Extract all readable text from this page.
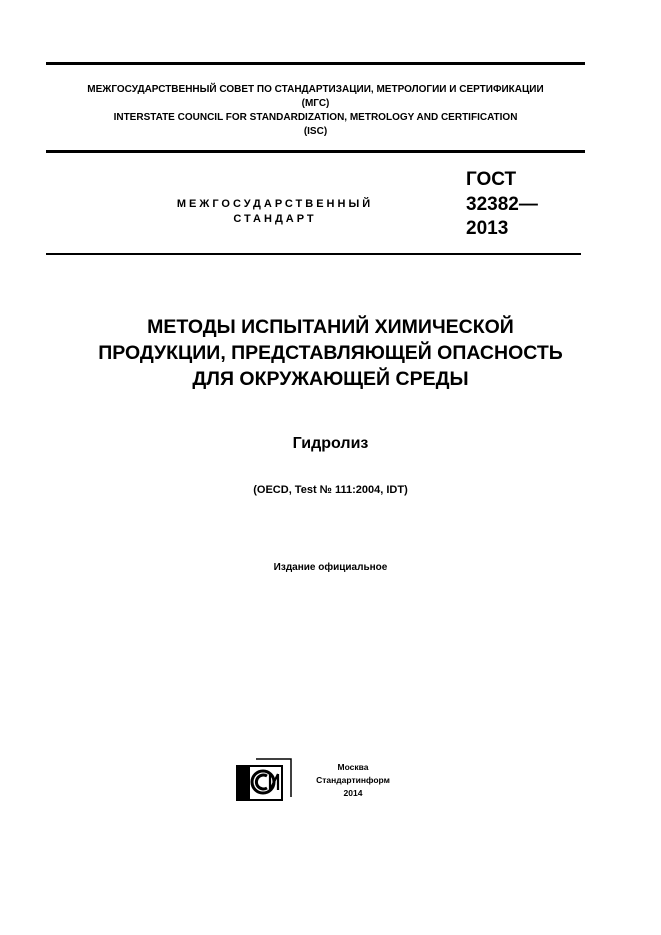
МЕЖГОСУДАРСТВЕННЫЙ СОВЕТ ПО СТАНДАРТИЗАЦИИ, МЕТРОЛОГИИ И СЕРТИФИКАЦИИ
(МГС)
INTERSTATE COUNCIL FOR STANDARDIZATION, METROLOGY AND CERTIFICATION
(ISC)
МЕЖГОСУДАРСТВЕННЫЙ
СТАНДАРТ
ГОСТ
32382—
2013
МЕТОДЫ ИСПЫТАНИЙ ХИМИЧЕСКОЙ
ПРОДУКЦИИ, ПРЕДСТАВЛЯЮЩЕЙ ОПАСНОСТЬ
ДЛЯ ОКРУЖАЮЩЕЙ СРЕДЫ
Гидролиз
(OECD, Test № 111:2004, IDT)
Издание официальное
Москва
Стандартинформ
2014
